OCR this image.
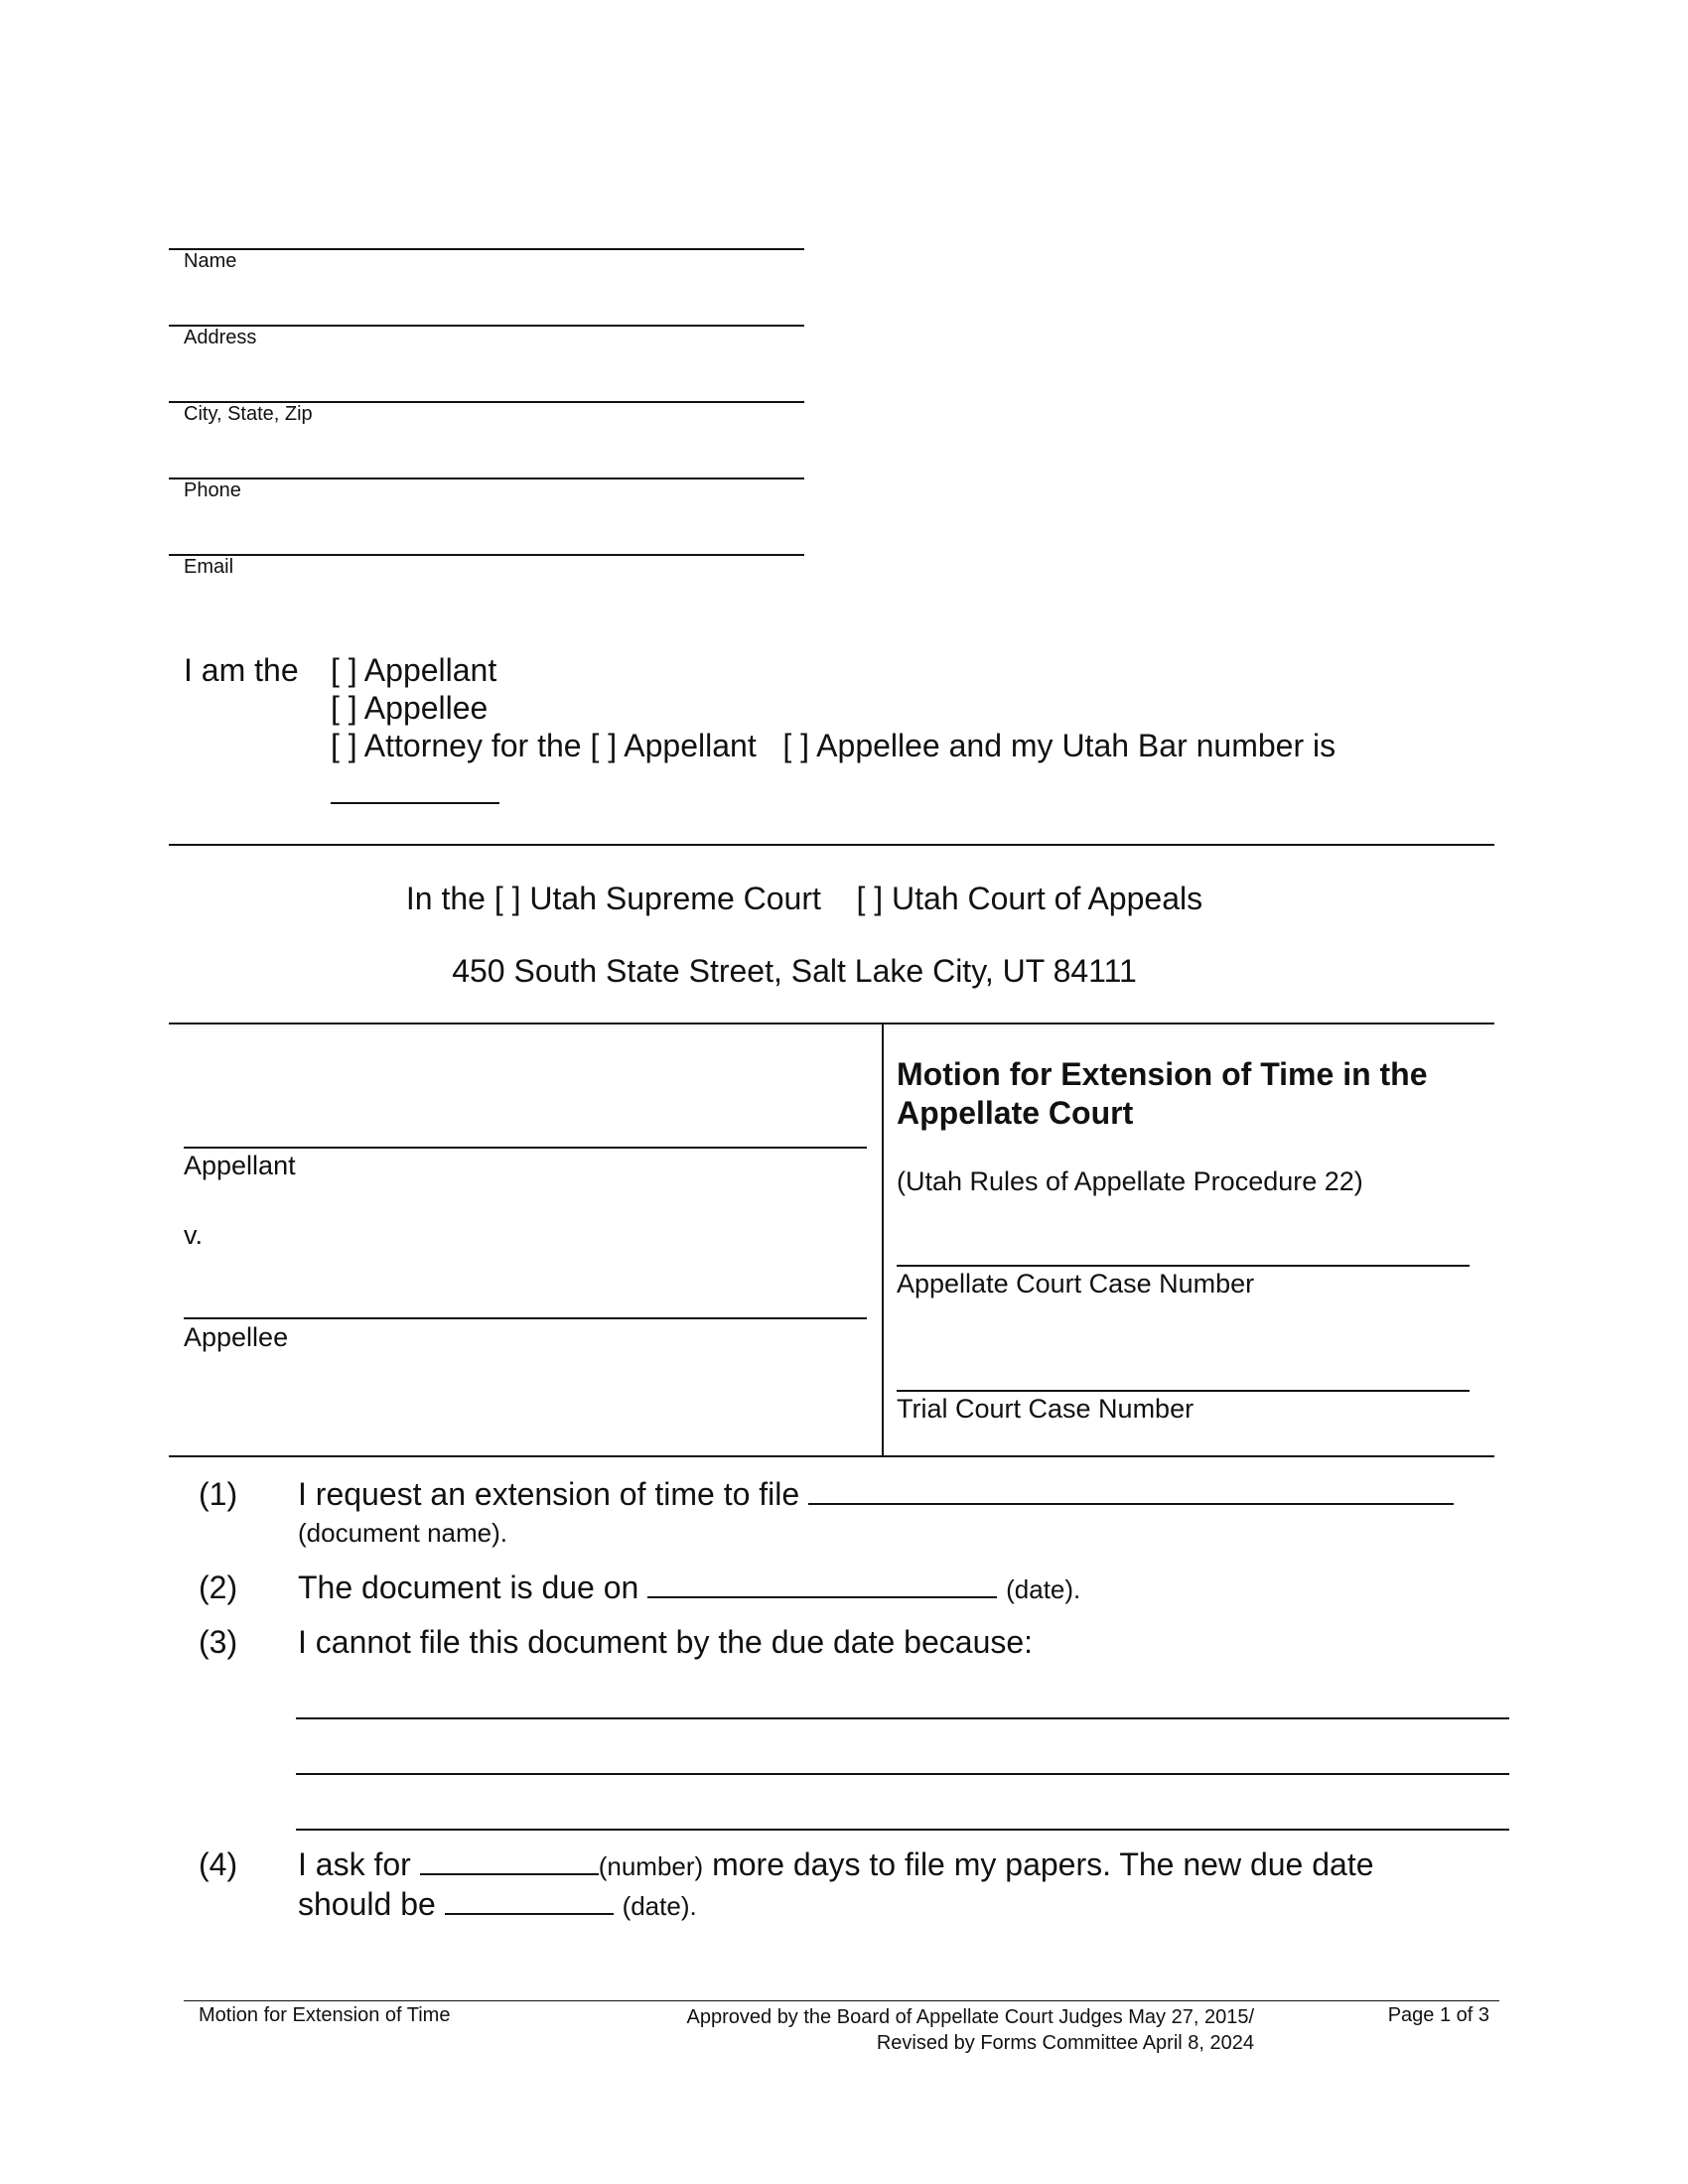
Name
Address
City, State, Zip
Phone
Email
I am the [ ] Appellant
[ ] Appellee
[ ] Attorney for the [ ] Appellant [ ] Appellee and my Utah Bar number is
In the [ ] Utah Supreme Court [ ] Utah Court of Appeals
450 South State Street, Salt Lake City, UT 84111
Appellant
v.
Appellee
Motion for Extension of Time in the Appellate Court
(Utah Rules of Appellate Procedure 22)
Appellate Court Case Number
Trial Court Case Number
(1) I request an extension of time to file
(document name).
(2) The document is due on	(date).
(3) I cannot file this document by the due date because:
(4) I ask for	(number) more days to file my papers. The new due date
should be	(date).
Motion for Extension of Time	Approved by the Board of Appellate Court Judges May 27, 2015/
Revised by Forms Committee April 8, 2024
Page 1 of 3
